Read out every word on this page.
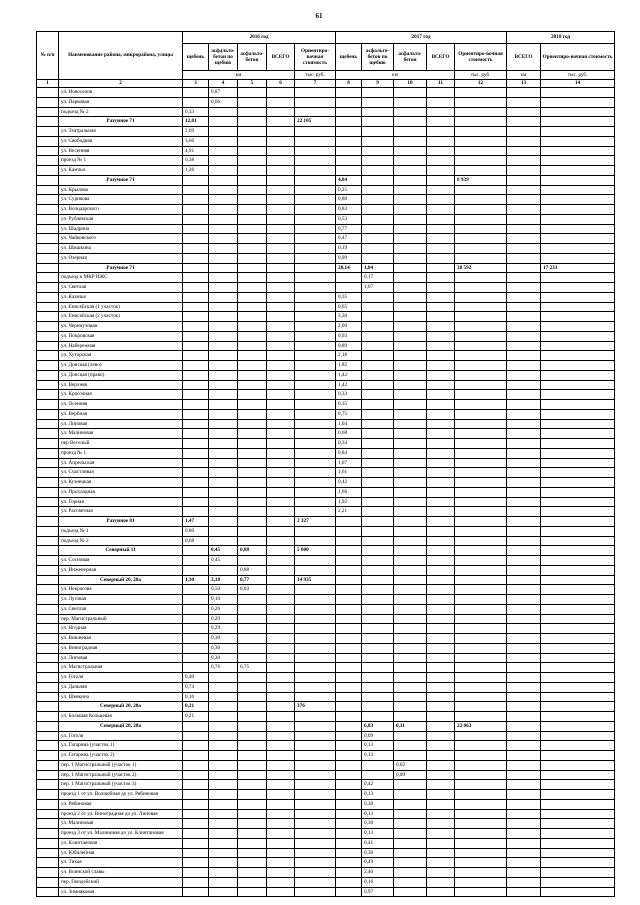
61
№ п/п	Наименование района, микрорайона, улицы	2016 год					2017 год					2018 год	
		щебень	асфальто-бетон по щебню	асфальто-бетон	ВСЕГО	Ориентиро-вочная стоимость	щебень	асфальто-бетон по щебню	асфальто-бетон	ВСЕГО	Ориентиро-вочная стоимость	ВСЕГО	Ориентиро-вочная стоимость
		км				тыс. руб.	км				тыс. руб.	км	тыс. руб.
1	2	3	4	5	6	7	8	9	10	11	12	13	14
	ул. Новоселов		0,87										
	ул. Парковая		0,66										
	подъезд № 2	0,33											
	Разумное 71	12,81				22 105							
	ул. Театральная	2,69											
	ул. Свободная	3,66											
	ул. Весенняя	4,91											
	проезд № 1	0,38											
	ул. Камчья	1,26											
	Разумное 71						4,84				8 939		
	ул. Крылова						0,25						
	ул. Сурикова						0,80						
	ул. Володарского						0,83						
	ул. Рублевская						0,53						
	ул. Шадрина						0,77						
	ул. Чайковского						0,47						
	ул. Шишкина						0,19						
	ул. Озерная						0,99						
	Разумное 71						28,14	1,84			38 592		17 233
	подъезд к МКР ИЖС							0,17					
	ул. Светлая							1,67					
	ул. Казачья						0,35						
	ул. Енисейская (1 участок)						0,65						
	ул. Енисейская (2 участок)						3,30						
	ул. Черемуховая						2,00						
	ул. Покровская						0,93						
	ул. Набережная						0,89						
	ул. Хуторская						2,18						
	ул. Донская (лево)						1,82						
	ул. Донская (право)						1,42						
	ул. Верхняя						1,42						
	ул. Красочная						0,33						
	ул. Осенняя						0,35						
	ул. Вербная						0,75						
	ул. Липовая						1,04						
	ул. Малиновая						0,68						
	пер Веселый						0,34						
	проезд № 1						0,84						
	ул. Апрельская						1,07						
	ул. Счастливая						1,61						
	ул. Кузнецкая						0,42						
	ул. Прохладная						1,66						
	ул. Горная						1,92						
	ул. Рассветная						2,21						
	Разумное 81	1,47				2 327							
	подъезд № 1	0,80											
	подъезд № 2	0,68											
	Северный 11		0,45	0,88		5 000							
	ул. Сосновая		0,45										
	ул. Инженерная			0,88									
	Северный 20, 20а	1,30	3,18	0,77		14 935							
	ул. Некрасова		0,50	0,03									
	ул. Луговая		0,19										
	ул. Светлая		0,26										
	пер. Магистральный		0,29										
	ул. Ягодная		0,29										
	ул. Вишневая		0,30										
	ул. Виноградная		0,30										
	ул. Липовая		0,30										
	ул. Магистральная		0,76	0,75									
	ул. Гоголя	0,40											
	ул. Дальняя	0,74											
	ул. Шевкина	0,16											
	Северный 20, 20а	0,21				376							
	ул. Большая Кольцевая	0,21											
	Северный 20, 20а							6,83	0,11		22 063		
	ул. Гоголя							0,09					
	ул. Гагарина (участок 1)							0,13					
	ул. Гагарина (участок 2)							0,13					
	пер. 1 Магистральный (участок 1)								0,02				
	пер. 1 Магистральный (участок 2)								0,09				
	пер. 1 Магистральный (участок 3)							0,42					
	проезд 1 от ул. Волшебная до ул. Рябиновая							0,13					
	ул. Рябиновая							0,30					
	проезд 2 от ул. Виноградная до ул. Липовая							0,13					
	ул. Малиновая							0,30					
	проезд 3 от ул. Малиновая до ул. Клинтановая							0,13					
	ул. Клинтановая							0,41					
	ул. Юбилейная							0,30					
	ул. Тихая							0,49					
	ул. Воинской славы							2,40					
	пер. Гвездейский							0,16					
	ул. Зимняковая							0,97					
